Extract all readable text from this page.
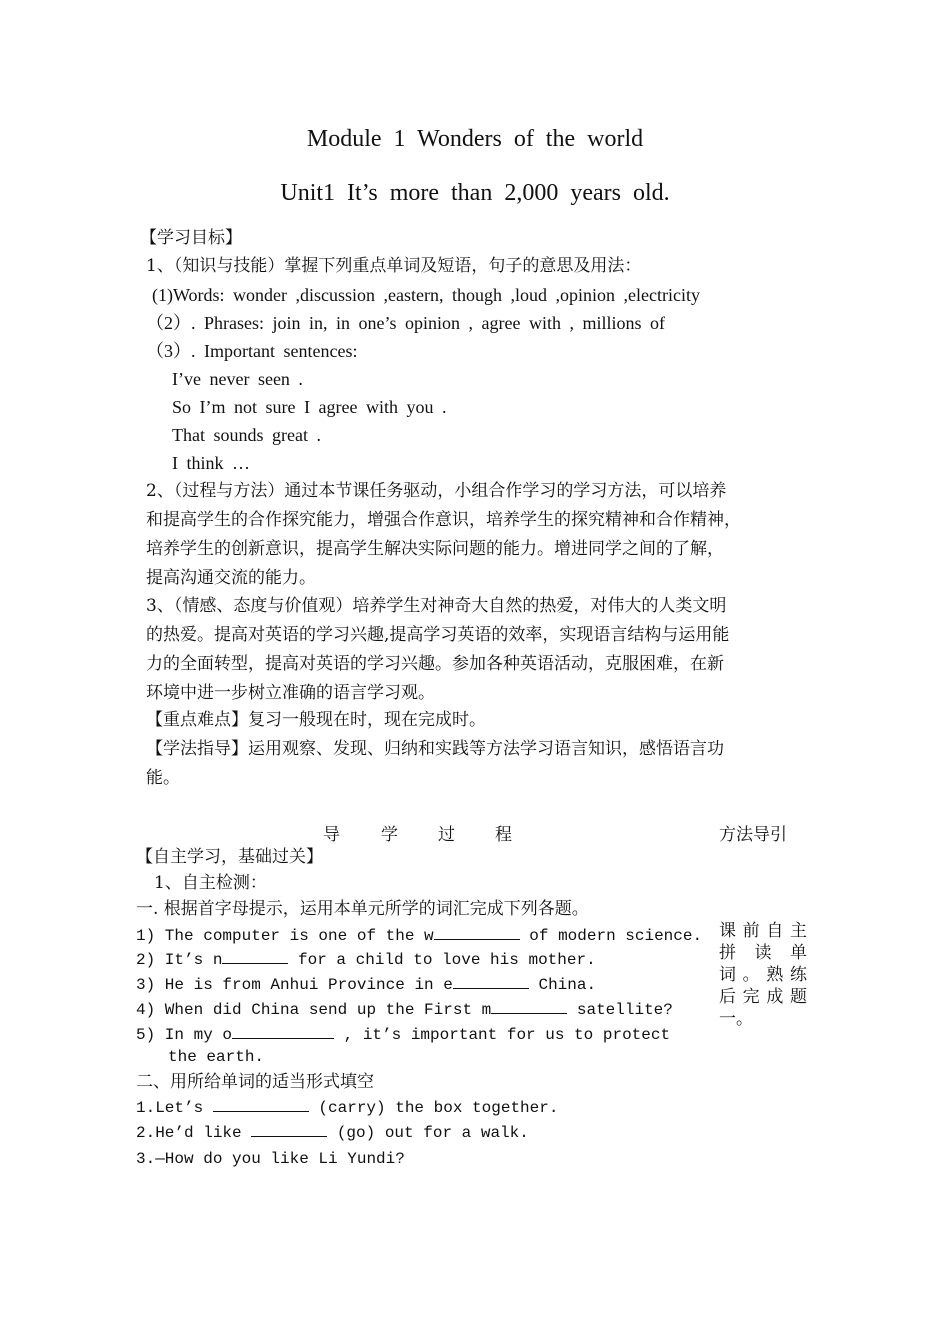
Module 1 Wonders of the world
Unit1 It’s more than 2,000 years old.
【学习目标】
1、（知识与技能）掌握下列重点单词及短语，句子的意思及用法：
(1)Words: wonder ,discussion ,eastern, though ,loud ,opinion ,electricity
（2）. Phrases: join in, in one’s opinion , agree with , millions of
（3）. Important sentences:
I’ve never seen .
So I’m not sure I agree with you .
That sounds great .
I think …
2、（过程与方法）通过本节课任务驱动，小组合作学习的学习方法，可以培养
和提高学生的合作探究能力，增强合作意识，培养学生的探究精神和合作精神，
培养学生的创新意识，提高学生解决实际问题的能力。增进同学之间的了解，
提高沟通交流的能力。
3、（情感、态度与价值观）培养学生对神奇大自然的热爱，对伟大的人类文明
的热爱。提高对英语的学习兴趣,提高学习英语的效率，实现语言结构与运用能
力的全面转型，提高对英语的学习兴趣。参加各种英语活动，克服困难，在新
环境中进一步树立准确的语言学习观。
【重点难点】复习一般现在时，现在完成时。
【学法指导】运用观察、发现、归纳和实践等方法学习语言知识，感悟语言功
能。
导 学 过 程	方法导引
【自主学习，基础过关】
1、自主检测：
一. 根据首字母提示，运用本单元所学的词汇完成下列各题。
1) The computer is one of the w	of modern science.
2) It’s n	for a child to love his mother.
3) He is from Anhui Province in e	China.
4) When did China send up the First m	satellite?
5) In my o	, it’s important for us to protect
the earth.
课前自主
拼读单
词。熟练
后完成题
一。
二、用所给单词的适当形式填空
1.Let’s	(carry) the box together.
2.He’d like	(go) out for a walk.
3.—How do you like Li Yundi?
